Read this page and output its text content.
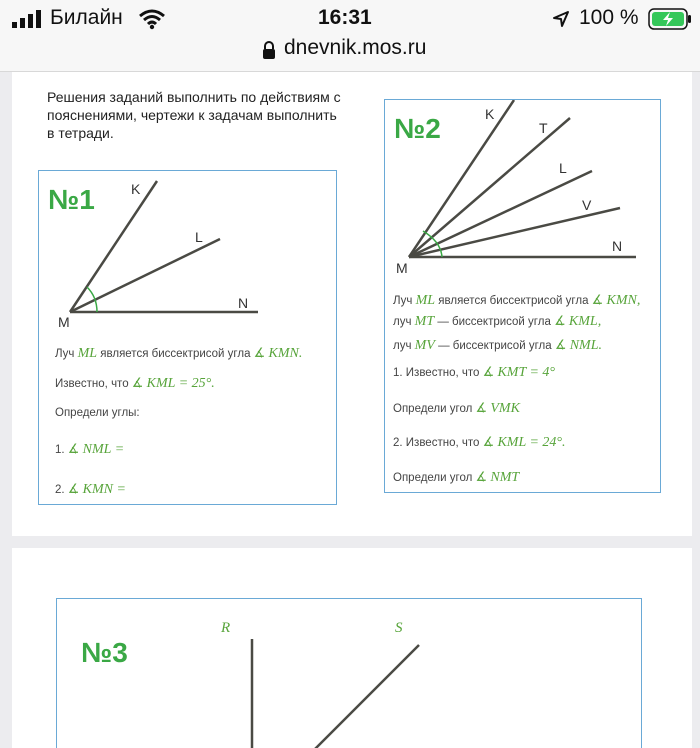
Билайн	16:31	100 %
dnevnik.mos.ru
Решения заданий выполнить по действиям с пояснениями, чертежи к задачам выполнить в тетради.
№1	K
L
M
N
Луч ML является биссектрисой угла ∡ KMN.
Известно, что ∡ KML = 25°.
Определи углы:
1. ∡ NML =
2. ∡ KMN =
№2	K
T
L
V
M
N
Луч ML является биссектрисой угла ∡ KMN,
луч MT — биссектрисой угла ∡ KML,
луч MV — биссектрисой угла ∡ NML.
1. Известно, что ∡ KMT = 4°
Определи угол ∡ VMK
2. Известно, что ∡ KML = 24°.
Определи угол ∡ NMT
№3
R	S
